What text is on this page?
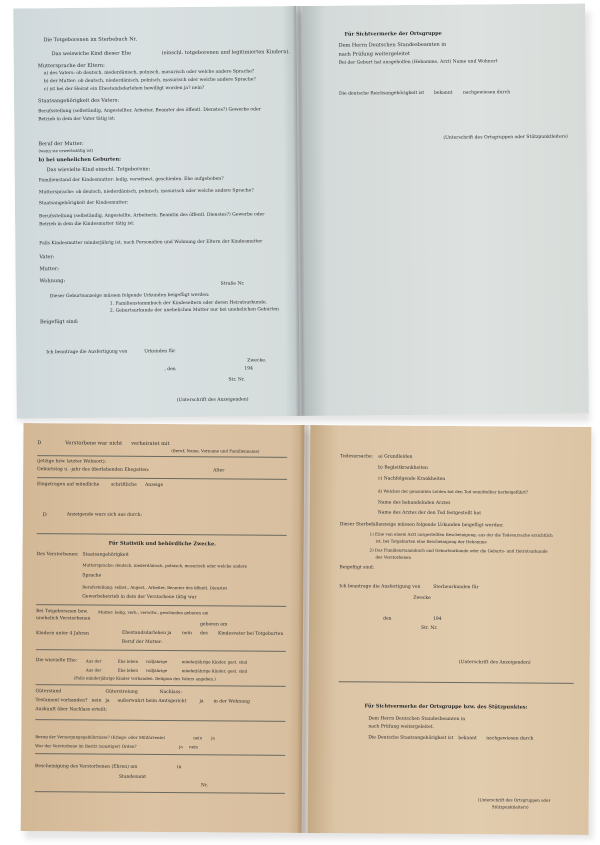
Die Totgeborenen im Sterbebuch Nr.
Das weiswiche Kind dieser Ehe	(einschl. totgeborenen und legitimierten Kindern).
Muttersprache der Eltern:
a) des Vaters: ob deutsch, niederdänisch, polnisch, masurisch oder welche andere Sprache?
b) der Mutter: ob deutsch, niederdänisch, polnisch, masurisch oder welche andere Sprache?
c) ist bei der Heirat ein Ehestandsdarlehen bewilligt worden ja? nein?
Staatsangehörigkeit des Vaters:
Berufsstellung (selbständig, Angestellter, Arbeiter, Beamter des öffentl. Dienstes?) Gewerbe oder
Betrieb in dem der Vater tätig ist:
Beruf der Mutter:
(wenn sie erwerbstätig ist)
b) bei unehelichen Geburten:
Das wievielte Kind einschl. Totgeborene:
Familienstand der Kindesmutter: ledig, verwitwet, geschieden. Ehe aufgehoben?
Muttersprache: ob deutsch, niederdänisch, polnisch, masurisch oder welche andere Sprache?
Staatsangehörigkeit der Kindesmutter:
Berufsstellung (selbständig, Angestellte, Arbeiterin, Beamtin des öffentl. Dienstes?) Gewerbe oder
Betrieb in dem die Kindesmutter tätig ist:
Falls Kindesmutter minderjährig ist, nach Personalien und Wohnung der Eltern der Kindesmutter
Vater:
Mutter:
Wohnung:	Straße Nr.
Dieser Geburtsanzeige müssen folgende Urkunden beigefügt werden:
1. Familienstammbuch der Kindeseltern oder deren Heiratsurkunde,
2. Geburtsurkunde der unehelichen Mutter nur bei unehelichen Geburten
Beigefügt sind:
Ich beantrage die Ausfertigung von	Urkunden für
Zwecke.
, den	194
Str. Nr.
(Unterschrift des Anzeigenden)
Für Sichtvermerke der Ortsgruppe
Dem Herrn Deutschen Standesbeamten in
nach Prüfung weitergeleitet
Bei der Geburt hat ausgeholfen (Hebamme, Arzt) Name und Wohnort
Die deutsche Reichsangehörigkeit ist bekannt nachgewiesen durch
(Unterschrift des Ortsgruppen oder Stützpunktleiters)
D	Verstorbene war nicht verheiratet mit
(Beruf, Name, Vorname und Familienname)
(jetzige bzw. letzter Wohnort):
Geburtstag u. -jahr des überlebenden Ehegatten:	Alter
Eingetragen auf mündliche	schriftliche Anzeige
D	Anzeigende wars sich aus durch:
Für Statistik und behördliche Zwecke.
Des Verstorbenen: Staatsangehörigkeit
Muttersprache: deutsch, niederdänisch, polnisch, masurisch oder welche andere
Sprache
Berufsstellung: selbst., Angest., Arbeiter, Beamter des öffentl. Dienstes
Gewerbebetrieb in dem der Verstorbene tätig war
Bei Totgeborenen bzw.
unehelich Verstorbenen
Kindern unter 4 Jahren
Mutter: ledig, verh., verwitw., geschieden geboren am
geboren am
Ehestandsdarlehen ja nein des Kindesvater bei Totgeburten
Beruf der Mutter:
Die wievielte Ehe: Aus der	Ehe leben volljährige	minderjährige Kinder, gest. sind
Aus der	Ehe leben volljährige	minderjährige Kinder, gest. sind
(Falls minderjährige Kinder vorhanden. Religion des Vaters angeben.)
Güterstand	Güterstreiung	Nachlass:
Testament vorhanden? nein ja außerwahrt beim Amtsgericht	ja in der Wohnung
Auskunft über Nachlass erteilt:
Bezug der Versorgungsgebührnisse? (Kriegs- oder Militärrente)	nein ja
War der Verstorbene im Besitz (sonstiger) Orden?	ja nein
Bescheinigung des Verstorbenen (Ehren) am	in
Standesamt
Nr.
Todesursache: a) Grundleiden
b) Begleitkrankheiten
c) Nachfolgende Krankheiten
d) Welches der genannten Leiden hat den Tod unmittelbar herbeigeführt?
Name des behandelnden Arztes
Name des Arztes der den Tod festgestellt hat
Dieser Sterbefallanzeige müssen folgende Urkunden beigefügt werden:
1) Eine von einem Arzt ausgestellten Bescheinigung, aus der die Todesursache ersichtlich
ist, bei Totgeburten eine Bescheinigung der Hebamme
2) Das Familienstammbuch und Geburtsurkunde oder die Geburts- und Heiratsurkunde
des Verstorbenen
Beigefügt sind:
Ich beantrage die Ausfertigung von	Sterbeurkunden für
Zwecke
den	194
Str. Nr.
(Unterschrift des Anzeigenden)
Für Sichtvermerke der Ortsgruppe bzw. des Stützpunktes:
Dem Herrn Deutschen Standesbeamten in
nach Prüfung weitergeleitet.
Die Deutsche Staatsangehörigkeit ist bekannt nachgewiesen durch
(Unterschrift des Ortsgruppen oder
Stützpunktleiters)
